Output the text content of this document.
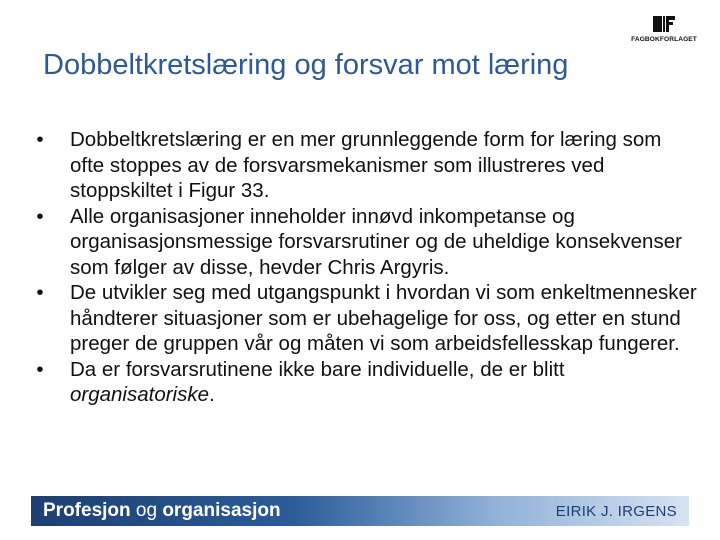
FAGBOKFORLAGET
Dobbeltkretslæring og forsvar mot læring
•	Dobbeltkretslæring er en mer grunnleggende form for læring som ofte stoppes av de forsvarsmekanismer som illustreres ved stoppskiltet i Figur 33.
•	Alle organisasjoner inneholder innøvd inkompetanse og organisasjonsmessige forsvarsrutiner og de uheldige konsekvenser som følger av disse, hevder Chris Argyris.
•	De utvikler seg med utgangspunkt i hvordan vi som enkeltmennesker håndterer situasjoner som er ubehagelige for oss, og etter en stund preger de gruppen vår og måten vi som arbeidsfellesskap fungerer.
•	Da er forsvarsrutinene ikke bare individuelle, de er blitt organisatoriske.
Profesjon og organisasjon	EIRIK J. IRGENS
